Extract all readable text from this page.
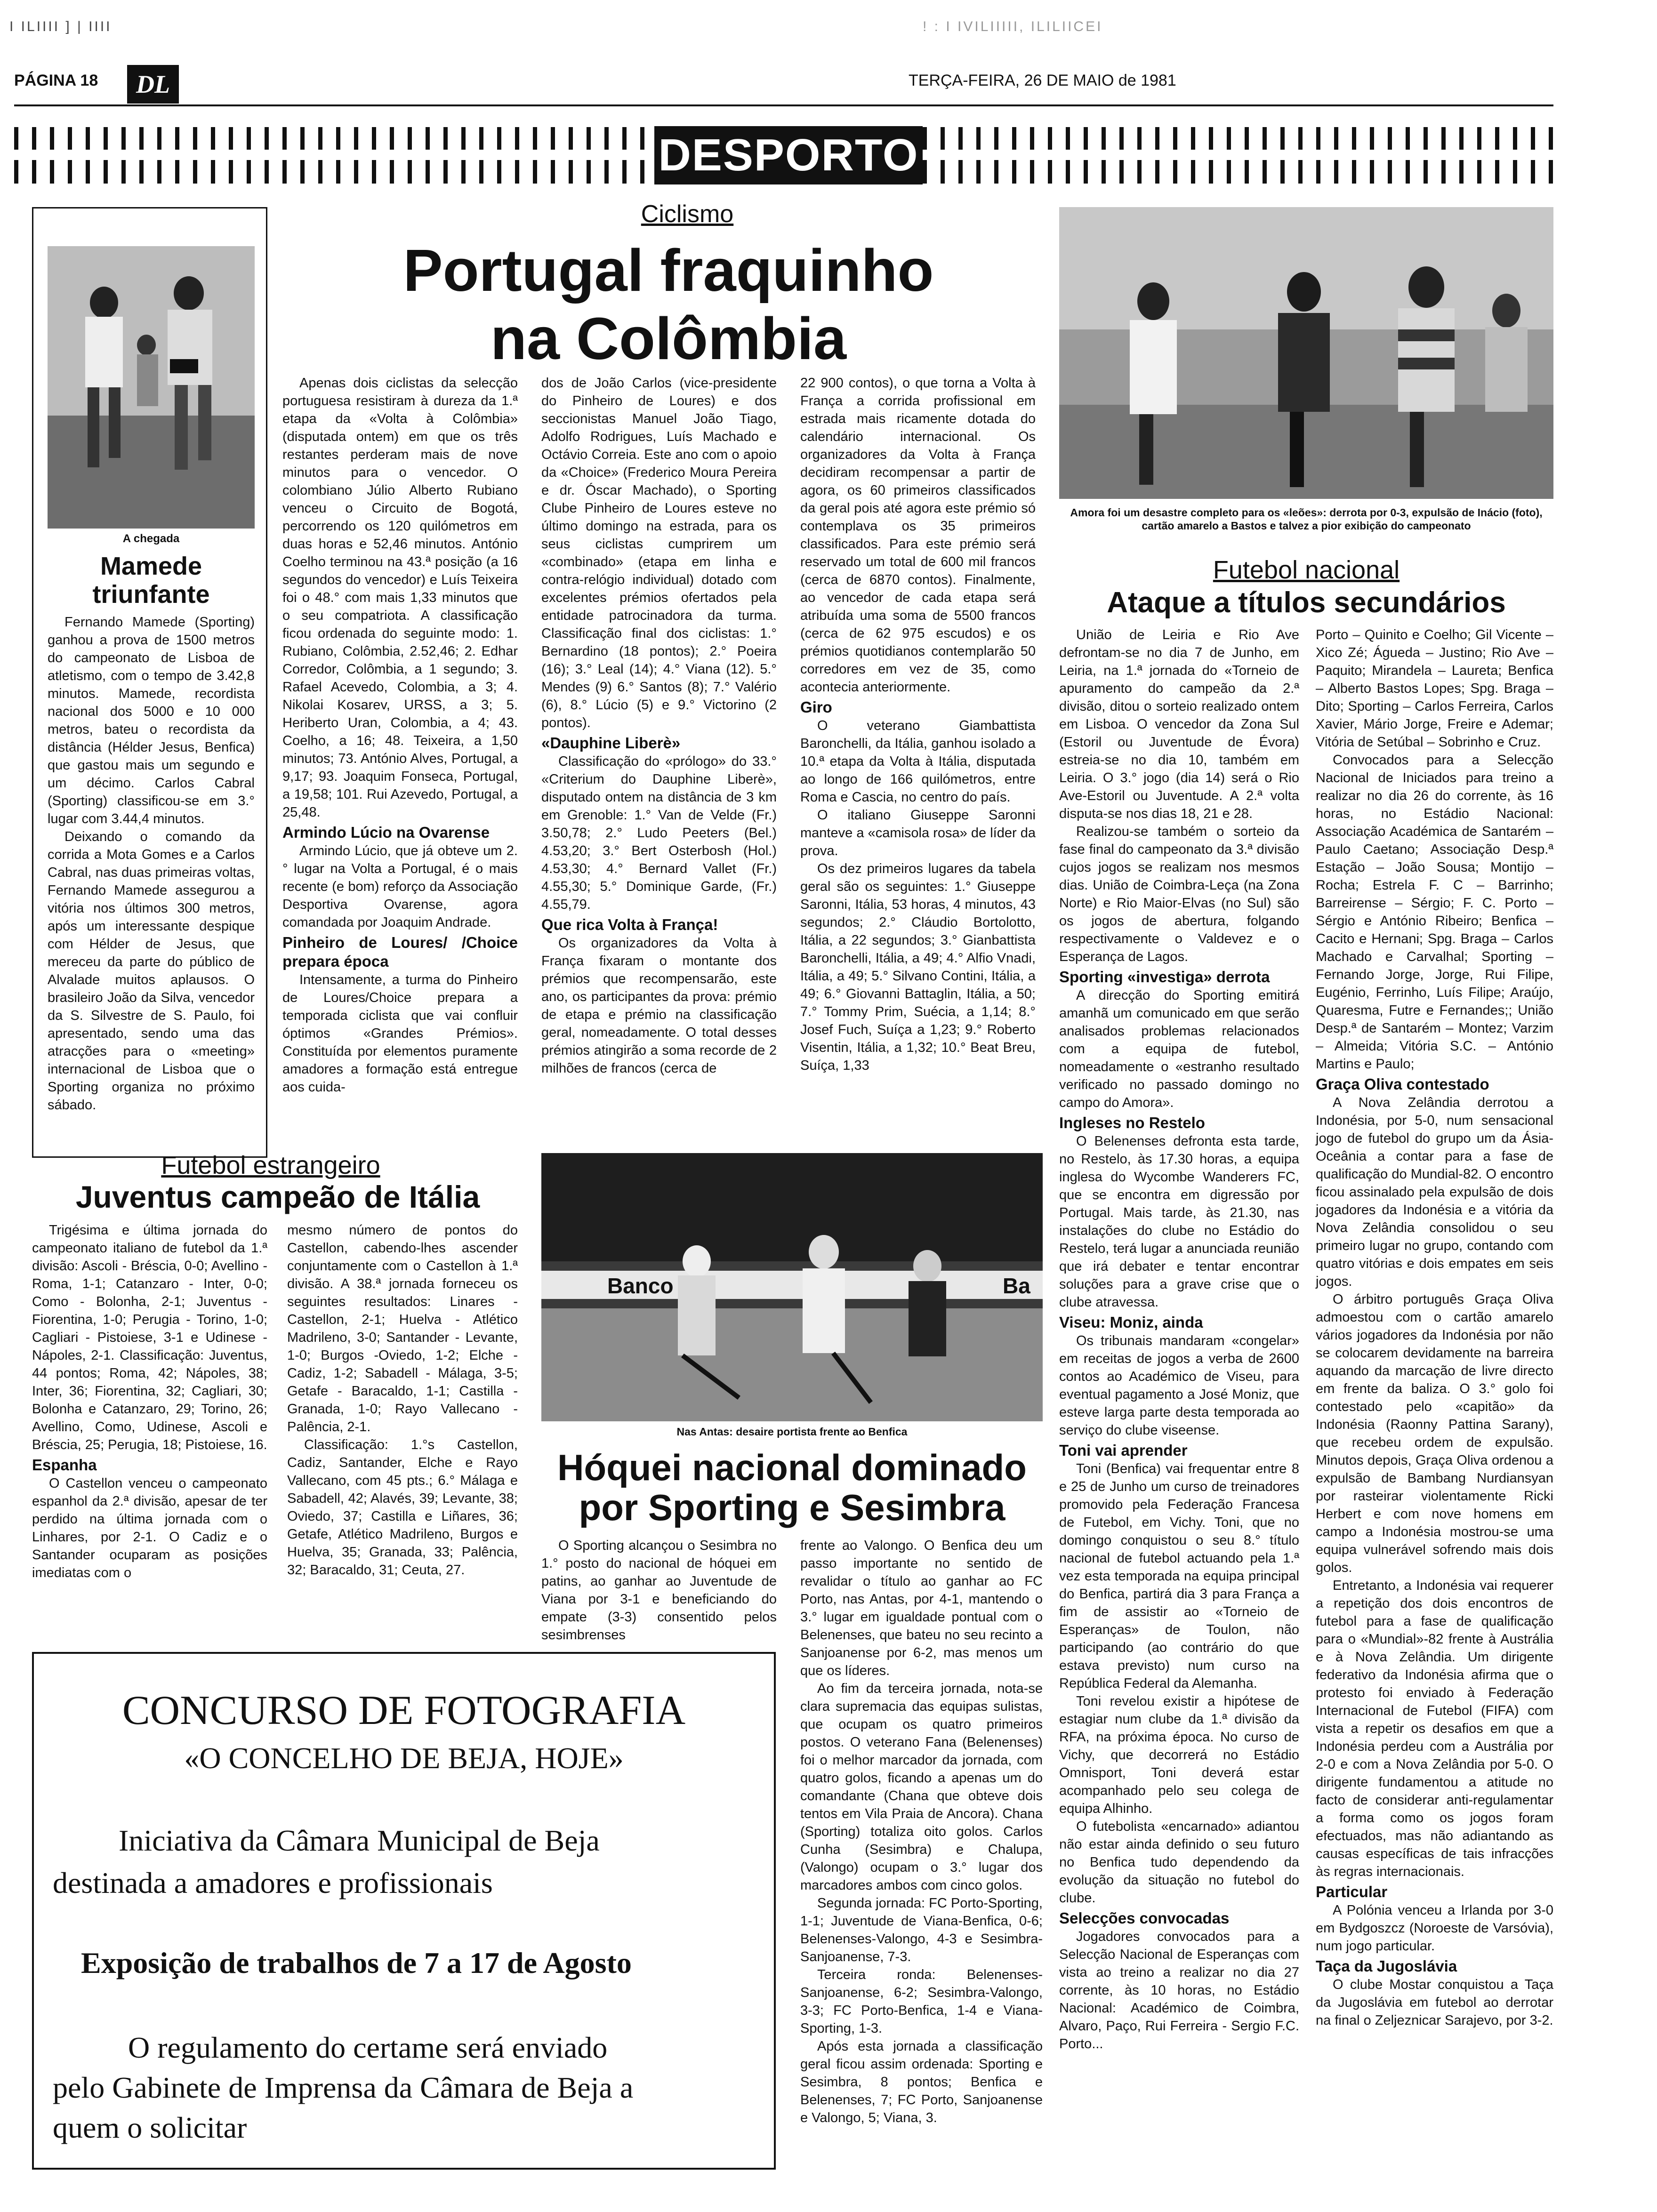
I ILIIII ] | IIII	! : I IVILIIIII, ILILIICEI
PÁGINA 18	DL	TERÇA-FEIRA, 26 DE MAIO de 1981
DESPORTO
A chegada
Mamede triunfante

Fernando Mamede (Sporting) ganhou a prova de 1500 metros do campeonato de Lisboa de atletismo, com o tempo de 3.42,8 minutos. Mamede, recordista nacional dos 5000 e 10 000 metros, bateu o recordista da distância (Hélder Jesus, Benfica) que gastou mais um segundo e um décimo. Carlos Cabral (Sporting) classificou-se em 3.° lugar com 3.44,4 minutos.

Deixando o comando da corrida a Mota Gomes e a Carlos Cabral, nas duas primeiras voltas, Fernando Mamede assegurou a vitória nos últimos 300 metros, após um interessante despique com Hélder de Jesus, que mereceu da parte do público de Alvalade muitos aplausos. O brasileiro João da Silva, vencedor da S. Silvestre de S. Paulo, foi apresentado, sendo uma das atracções para o «meeting» internacional de Lisboa que o Sporting organiza no próximo sábado.

Ciclismo
Portugal fraquinho
na Colômbia

Apenas dois ciclistas da selecção portuguesa resistiram à dureza da 1.ª etapa da «Volta à Colômbia» (disputada ontem) em que os três restantes perderam mais de nove minutos para o vencedor. O colombiano Júlio Alberto Rubiano venceu o Circuito de Bogotá, percorrendo os 120 quilómetros em duas horas e 52,46 minutos. António Coelho terminou na 43.ª posição (a 16 segundos do vencedor) e Luís Teixeira foi o 48.° com mais 1,33 minutos que o seu compatriota. A classificação ficou ordenada do seguinte modo: 1. Rubiano, Colômbia, 2.52,46; 2. Edhar Corredor, Colômbia, a 1 segundo; 3. Rafael Acevedo, Colombia, a 3; 4. Nikolai Kosarev, URSS, a 3; 5. Heriberto Uran, Colombia, a 4; 43. Coelho, a 16; 48. Teixeira, a 1,50 minutos; 73. António Alves, Portugal, a 9,17; 93. Joaquim Fonseca, Portugal, a 19,58; 101. Rui Azevedo, Portugal, a 25,48.

Armindo Lúcio na Ovarense

Armindo Lúcio, que já obteve um 2.° lugar na Volta a Portugal, é o mais recente (e bom) reforço da Associação Desportiva Ovarense, agora comandada por Joaquim Andrade.

Pinheiro de Loures/ /Choice prepara época

Intensamente, a turma do Pinheiro de Loures/Choice prepara a temporada ciclista que vai confluir óptimos «Grandes Prémios». Constituída por elementos puramente amadores a formação está entregue aos cuida-

dos de João Carlos (vice-presidente do Pinheiro de Loures) e dos seccionistas Manuel João Tiago, Adolfo Rodrigues, Luís Machado e Octávio Correia. Este ano com o apoio da «Choice» (Frederico Moura Pereira e dr. Óscar Machado), o Sporting Clube Pinheiro de Loures esteve no último domingo na estrada, para os seus ciclistas cumprirem um «combinado» (etapa em linha e contra-relógio individual) dotado com excelentes prémios ofertados pela entidade patrocinadora da turma. Classificação final dos ciclistas: 1.° Bernardino (18 pontos); 2.° Poeira (16); 3.° Leal (14); 4.° Viana (12). 5.° Mendes (9) 6.° Santos (8); 7.° Valério (6), 8.° Lúcio (5) e 9.° Victorino (2 pontos).

«Dauphine Liberè»

Classificação do «prólogo» do 33.° «Criterium do Dauphine Liberè», disputado ontem na distância de 3 km em Grenoble: 1.° Van de Velde (Fr.) 3.50,78; 2.° Ludo Peeters (Bel.) 4.53,20; 3.° Bert Osterbosh (Hol.) 4.53,30; 4.° Bernard Vallet (Fr.) 4.55,30; 5.° Dominique Garde, (Fr.) 4.55,79.

Que rica Volta à França!

Os organizadores da Volta à França fixaram o montante dos prémios que recompensarão, este ano, os participantes da prova: prémio de etapa e prémio na classificação geral, nomeadamente. O total desses prémios atingirão a soma recorde de 2 milhões de francos (cerca de

22 900 contos), o que torna a Volta à França a corrida profissional em estrada mais ricamente dotada do calendário internacional. Os organizadores da Volta à França decidiram recompensar a partir de agora, os 60 primeiros classificados da geral pois até agora este prémio só contemplava os 35 primeiros classificados. Para este prémio será reservado um total de 600 mil francos (cerca de 6870 contos). Finalmente, ao vencedor de cada etapa será atribuída uma soma de 5500 francos (cerca de 62 975 escudos) e os prémios quotidianos contemplarão 50 corredores em vez de 35, como acontecia anteriormente.

Giro

O veterano Giambattista Baronchelli, da Itália, ganhou isolado a 10.ª etapa da Volta à Itália, disputada ao longo de 166 quilómetros, entre Roma e Cascia, no centro do país.

O italiano Giuseppe Saronni manteve a «camisola rosa» de líder da prova.

Os dez primeiros lugares da tabela geral são os seguintes: 1.° Giuseppe Saronni, Itália, 53 horas, 4 minutos, 43 segundos; 2.° Cláudio Bortolotto, Itália, a 22 segundos; 3.° Gianbattista Baronchelli, Itália, a 49; 4.° Alfio Vnadi, Itália, a 49; 5.° Silvano Contini, Itália, a 49; 6.° Giovanni Battaglin, Itália, a 50; 7.° Tommy Prim, Suécia, a 1,14; 8.° Josef Fuch, Suíça a 1,23; 9.° Roberto Visentin, Itália, a 1,32; 10.° Beat Breu, Suíça, 1,33

Amora foi um desastre completo para os «leões»: derrota por 0-3, expulsão de Inácio (foto), cartão amarelo a Bastos e talvez a pior exibição do campeonato
Futebol nacional
Ataque a títulos secundários

União de Leiria e Rio Ave defrontam-se no dia 7 de Junho, em Leiria, na 1.ª jornada do «Torneio de apuramento do campeão da 2.ª divisão, ditou o sorteio realizado ontem em Lisboa. O vencedor da Zona Sul (Estoril ou Juventude de Évora) estreia-se no dia 10, também em Leiria. O 3.° jogo (dia 14) será o Rio Ave-Estoril ou Juventude. A 2.ª volta disputa-se nos dias 18, 21 e 28.

Realizou-se também o sorteio da fase final do campeonato da 3.ª divisão cujos jogos se realizam nos mesmos dias. União de Coimbra-Leça (na Zona Norte) e Rio Maior-Elvas (no Sul) são os jogos de abertura, folgando respectivamente o Valdevez e o Esperança de Lagos.

Sporting «investiga» derrota

A direcção do Sporting emitirá amanhã um comunicado em que serão analisados problemas relacionados com a equipa de futebol, nomeadamente o «estranho resultado verificado no passado domingo no campo do Amora».

Ingleses no Restelo

O Belenenses defronta esta tarde, no Restelo, às 17.30 horas, a equipa inglesa do Wycombe Wanderers FC, que se encontra em digressão por Portugal. Mais tarde, às 21.30, nas instalações do clube no Estádio do Restelo, terá lugar a anunciada reunião que irá debater e tentar encontrar soluções para a grave crise que o clube atravessa.

Viseu: Moniz, ainda

Os tribunais mandaram «congelar» em receitas de jogos a verba de 2600 contos ao Académico de Viseu, para eventual pagamento a José Moniz, que esteve larga parte desta temporada ao serviço do clube viseense.

Toni vai aprender

Toni (Benfica) vai frequentar entre 8 e 25 de Junho um curso de treinadores promovido pela Federação Francesa de Futebol, em Vichy. Toni, que no domingo conquistou o seu 8.° título nacional de futebol actuando pela 1.ª vez esta temporada na equipa principal do Benfica, partirá dia 3 para França a fim de assistir ao «Torneio de Esperanças» de Toulon, não participando (ao contrário do que estava previsto) num curso na República Federal da Alemanha.

Toni revelou existir a hipótese de estagiar num clube da 1.ª divisão da RFA, na próxima época. No curso de Vichy, que decorrerá no Estádio Omnisport, Toni deverá estar acompanhado pelo seu colega de equipa Alhinho.

O futebolista «encarnado» adiantou não estar ainda definido o seu futuro no Benfica tudo dependendo da evolução da situação no futebol do clube.

Selecções convocadas

Jogadores convocados para a Selecção Nacional de Esperanças com vista ao treino a realizar no dia 27 corrente, às 10 horas, no Estádio Nacional: Académico de Coimbra, Alvaro, Paço, Rui Ferreira - Sergio F.C. Porto...

Porto – Quinito e Coelho; Gil Vicente – Xico Zé; Águeda – Justino; Rio Ave – Paquito; Mirandela – Laureta; Benfica – Alberto Bastos Lopes; Spg. Braga – Dito; Sporting – Carlos Ferreira, Carlos Xavier, Mário Jorge, Freire e Ademar; Vitória de Setúbal – Sobrinho e Cruz.

Convocados para a Selecção Nacional de Iniciados para treino a realizar no dia 26 do corrente, às 16 horas, no Estádio Nacional: Associação Académica de Santarém – Paulo Caetano; Associação Desp.ª Estação – João Sousa; Montijo – Rocha; Estrela F. C – Barrinho; Barreirense – Sérgio; F. C. Porto – Sérgio e António Ribeiro; Benfica – Cacito e Hernani; Spg. Braga – Carlos Machado e Carvalhal; Sporting – Fernando Jorge, Jorge, Rui Filipe, Eugénio, Ferrinho, Luís Filipe; Araújo, Quaresma, Futre e Fernandes;; União Desp.ª de Santarém – Montez; Varzim – Almeida; Vitória S.C. – António Martins e Paulo;

Graça Oliva contestado

A Nova Zelândia derrotou a Indonésia, por 5-0, num sensacional jogo de futebol do grupo um da Ásia-Oceânia a contar para a fase de qualificação do Mundial-82. O encontro ficou assinalado pela expulsão de dois jogadores da Indonésia e a vitória da Nova Zelândia consolidou o seu primeiro lugar no grupo, contando com quatro vitórias e dois empates em seis jogos.

O árbitro português Graça Oliva admoestou com o cartão amarelo vários jogadores da Indonésia por não se colocarem devidamente na barreira aquando da marcação de livre directo em frente da baliza. O 3.° golo foi contestado pelo «capitão» da Indonésia (Raonny Pattina Sarany), que recebeu ordem de expulsão. Minutos depois, Graça Oliva ordenou a expulsão de Bambang Nurdiansyan por rasteirar violentamente Ricki Herbert e com nove homens em campo a Indonésia mostrou-se uma equipa vulnerável sofrendo mais dois golos.

Entretanto, a Indonésia vai requerer a repetição dos dois encontros de futebol para a fase de qualificação para o «Mundial»-82 frente à Austrália e à Nova Zelândia. Um dirigente federativo da Indonésia afirma que o protesto foi enviado à Federação Internacional de Futebol (FIFA) com vista a repetir os desafios em que a Indonésia perdeu com a Austrália por 2-0 e com a Nova Zelândia por 5-0. O dirigente fundamentou a atitude no facto de considerar anti-regulamentar a forma como os jogos foram efectuados, mas não adiantando as causas específicas de tais infracções às regras internacionais.

Particular

A Polónia venceu a Irlanda por 3-0 em Bydgoszcz (Noroeste de Varsóvia), num jogo particular.

Taça da Jugoslávia

O clube Mostar conquistou a Taça da Jugoslávia em futebol ao derrotar na final o Zeljeznicar Sarajevo, por 3-2.

Futebol estrangeiro
Juventus campeão de Itália

Trigésima e última jornada do campeonato italiano de futebol da 1.ª divisão: Ascoli - Bréscia, 0-0; Avellino - Roma, 1-1; Catanzaro - Inter, 0-0; Como - Bolonha, 2-1; Juventus - Fiorentina, 1-0; Perugia - Torino, 1-0; Cagliari - Pistoiese, 3-1 e Udinese -Nápoles, 2-1. Classificação: Juventus, 44 pontos; Roma, 42; Nápoles, 38; Inter, 36; Fiorentina, 32; Cagliari, 30; Bolonha e Catanzaro, 29; Torino, 26; Avellino, Como, Udinese, Ascoli e Bréscia, 25; Perugia, 18; Pistoiese, 16.

Espanha

O Castellon venceu o campeonato espanhol da 2.ª divisão, apesar de ter perdido na última jornada com o Linhares, por 2-1. O Cadiz e o Santander ocuparam as posições imediatas com o

mesmo número de pontos do Castellon, cabendo-lhes ascender conjuntamente com o Castellon à 1.ª divisão. A 38.ª jornada forneceu os seguintes resultados: Linares - Castellon, 2-1; Huelva - Atlético Madrileno, 3-0; Santander - Levante, 1-0; Burgos -Oviedo, 1-2; Elche - Cadiz, 1-2; Sabadell - Málaga, 3-5; Getafe - Baracaldo, 1-1; Castilla -Granada, 1-0; Rayo Vallecano -Palência, 2-1.

Classificação: 1.°s Castellon, Cadiz, Santander, Elche e Rayo Vallecano, com 45 pts.; 6.° Málaga e Sabadell, 42; Alavés, 39; Levante, 38; Oviedo, 37; Castilla e Liñares, 36; Getafe, Atlético Madrileno, Burgos e Huelva, 35; Granada, 33; Palência, 32; Baracaldo, 31; Ceuta, 27.

Banco	Ba
Nas Antas: desaire portista frente ao Benfica
Hóquei nacional dominado
por Sporting e Sesimbra

O Sporting alcançou o Sesimbra no 1.° posto do nacional de hóquei em patins, ao ganhar ao Juventude de Viana por 3-1 e beneficiando do empate (3-3) consentido pelos sesimbrenses

frente ao Valongo. O Benfica deu um passo importante no sentido de revalidar o título ao ganhar ao FC Porto, nas Antas, por 4-1, mantendo o 3.° lugar em igualdade pontual com o Belenenses, que bateu no seu recinto a Sanjoanense por 6-2, mas menos um que os líderes.

Ao fim da terceira jornada, nota-se clara supremacia das equipas sulistas, que ocupam os quatro primeiros postos. O veterano Fana (Belenenses) foi o melhor marcador da jornada, com quatro golos, ficando a apenas um do comandante (Chana que obteve dois tentos em Vila Praia de Ancora). Chana (Sporting) totaliza oito golos. Carlos Cunha (Sesimbra) e Chalupa, (Valongo) ocupam o 3.° lugar dos marcadores ambos com cinco golos.

Segunda jornada: FC Porto-Sporting, 1-1; Juventude de Viana-Benfica, 0-6; Belenenses-Valongo, 4-3 e Sesimbra-Sanjoanense, 7-3.

Terceira ronda: Belenenses-Sanjoanense, 6-2; Sesimbra-Valongo, 3-3; FC Porto-Benfica, 1-4 e Viana-Sporting, 1-3.

Após esta jornada a classificação geral ficou assim ordenada: Sporting e Sesimbra, 8 pontos; Benfica e Belenenses, 7; FC Porto, Sanjoanense e Valongo, 5; Viana, 3.

CONCURSO DE FOTOGRAFIA
«O CONCELHO DE BEJA, HOJE»
Iniciativa da Câmara Municipal de Beja
destinada a amadores e profissionais
Exposição de trabalhos de 7 a 17 de Agosto
O regulamento do certame será enviado
pelo Gabinete de Imprensa da Câmara de Beja a
quem o solicitar
